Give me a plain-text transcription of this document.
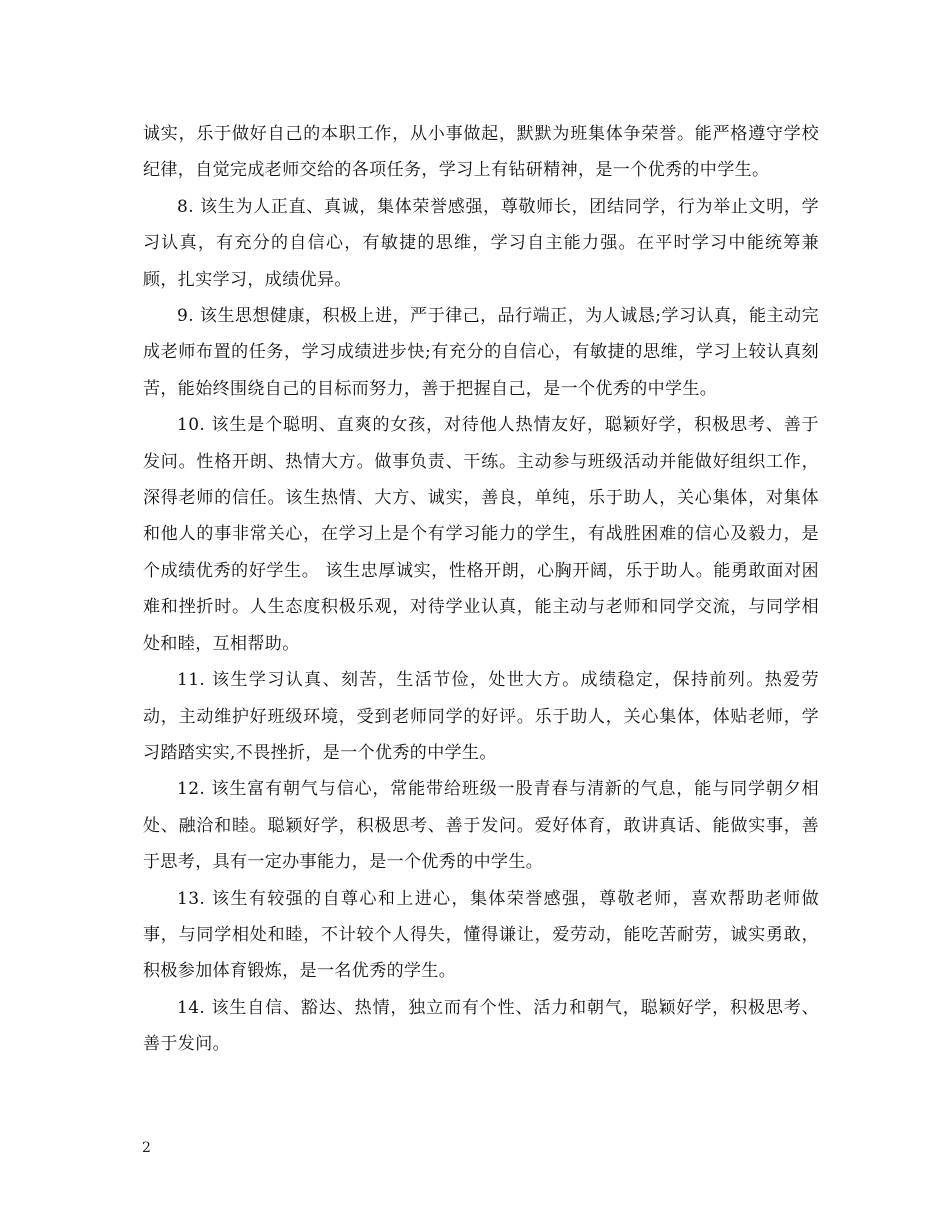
诚实，乐于做好自己的本职工作，从小事做起，默默为班集体争荣誉。能严格遵守学校纪律，自觉完成老师交给的各项任务，学习上有钻研精神，是一个优秀的中学生。

8. 该生为人正直、真诚，集体荣誉感强，尊敬师长，团结同学，行为举止文明，学习认真，有充分的自信心，有敏捷的思维，学习自主能力强。在平时学习中能统筹兼顾，扎实学习，成绩优异。

9. 该生思想健康，积极上进，严于律己，品行端正，为人诚恳;学习认真，能主动完成老师布置的任务，学习成绩进步快;有充分的自信心，有敏捷的思维，学习上较认真刻苦，能始终围绕自己的目标而努力，善于把握自己，是一个优秀的中学生。

10. 该生是个聪明、直爽的女孩，对待他人热情友好，聪颖好学，积极思考、善于发问。性格开朗、热情大方。做事负责、干练。主动参与班级活动并能做好组织工作，深得老师的信任。该生热情、大方、诚实，善良，单纯，乐于助人，关心集体，对集体和他人的事非常关心，在学习上是个有学习能力的学生，有战胜困难的信心及毅力，是个成绩优秀的好学生。 该生忠厚诚实，性格开朗，心胸开阔，乐于助人。能勇敢面对困难和挫折时。人生态度积极乐观，对待学业认真，能主动与老师和同学交流，与同学相处和睦，互相帮助。

11. 该生学习认真、刻苦，生活节俭，处世大方。成绩稳定，保持前列。热爱劳动，主动维护好班级环境，受到老师同学的好评。乐于助人，关心集体，体贴老师，学习踏踏实实,不畏挫折，是一个优秀的中学生。

12. 该生富有朝气与信心，常能带给班级一股青春与清新的气息，能与同学朝夕相处、融洽和睦。聪颖好学，积极思考、善于发问。爱好体育，敢讲真话、能做实事，善于思考，具有一定办事能力，是一个优秀的中学生。

13. 该生有较强的自尊心和上进心，集体荣誉感强，尊敬老师，喜欢帮助老师做事，与同学相处和睦，不计较个人得失，懂得谦让，爱劳动，能吃苦耐劳，诚实勇敢，积极参加体育锻炼，是一名优秀的学生。

14. 该生自信、豁达、热情，独立而有个性、活力和朝气，聪颖好学，积极思考、善于发问。

2
